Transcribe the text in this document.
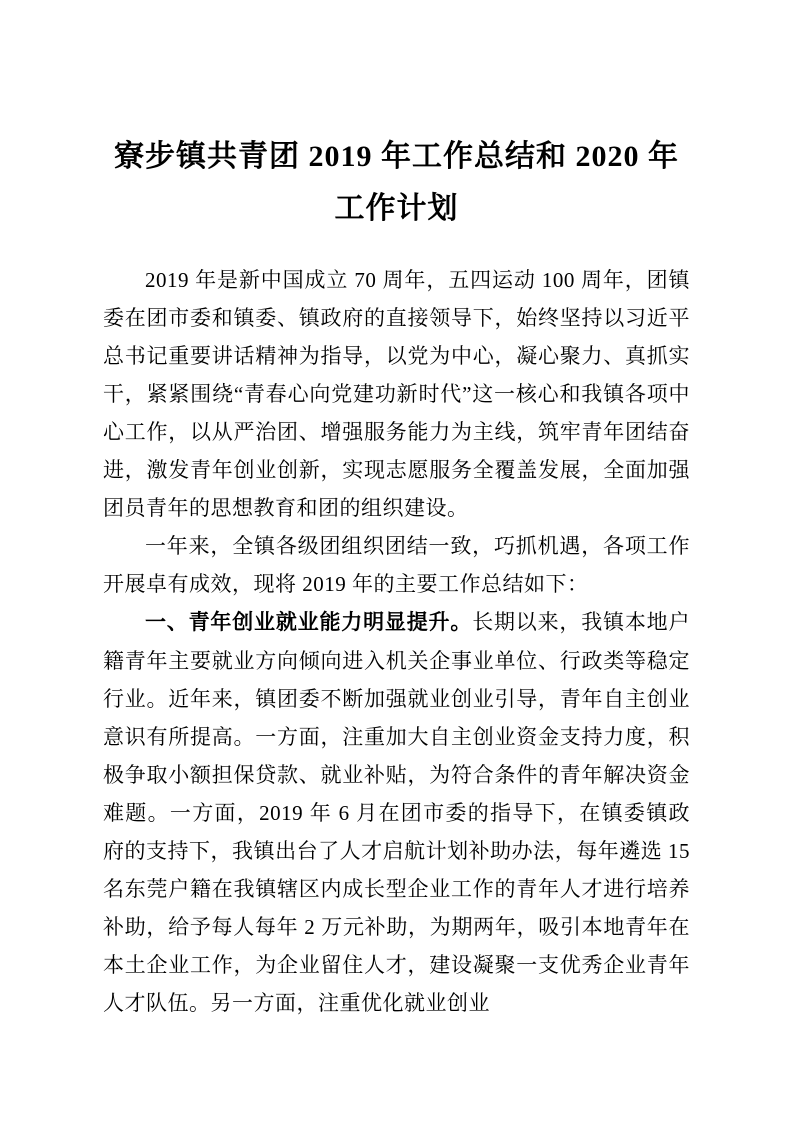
寮步镇共青团 2019 年工作总结和 2020 年工作计划

2019 年是新中国成立 70 周年，五四运动 100 周年，团镇委在团市委和镇委、镇政府的直接领导下，始终坚持以习近平总书记重要讲话精神为指导，以党为中心，凝心聚力、真抓实干，紧紧围绕“青春心向党建功新时代”这一核心和我镇各项中心工作，以从严治团、增强服务能力为主线，筑牢青年团结奋进，激发青年创业创新，实现志愿服务全覆盖发展，全面加强团员青年的思想教育和团的组织建设。

一年来，全镇各级团组织团结一致，巧抓机遇，各项工作开展卓有成效，现将 2019 年的主要工作总结如下：

一、青年创业就业能力明显提升。长期以来，我镇本地户籍青年主要就业方向倾向进入机关企事业单位、行政类等稳定行业。近年来，镇团委不断加强就业创业引导，青年自主创业意识有所提高。一方面，注重加大自主创业资金支持力度，积极争取小额担保贷款、就业补贴，为符合条件的青年解决资金难题。一方面，2019 年 6 月在团市委的指导下，在镇委镇政府的支持下，我镇出台了人才启航计划补助办法，每年遴选 15 名东莞户籍在我镇辖区内成长型企业工作的青年人才进行培养补助，给予每人每年 2 万元补助，为期两年，吸引本地青年在本土企业工作，为企业留住人才，建设凝聚一支优秀企业青年人才队伍。另一方面，注重优化就业创业
